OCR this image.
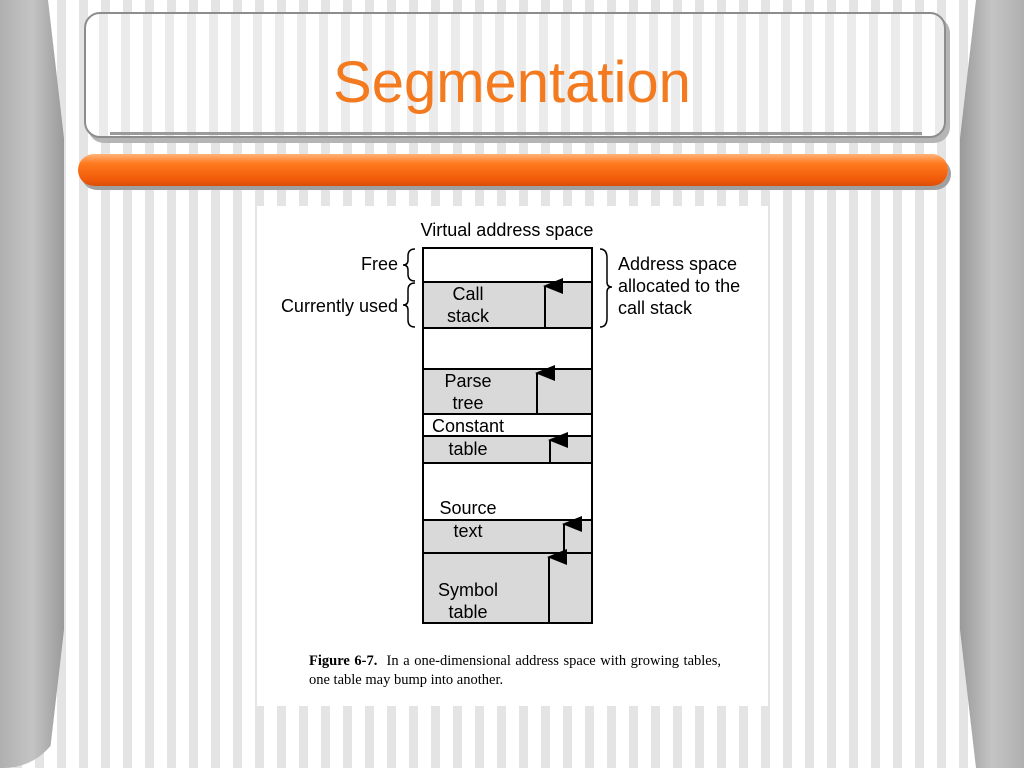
Segmentation
Virtual address space
Call
stack
Parse
tree
Constant
table
Source
text
Symbol
table
Free
Currently used
Address space
allocated to the
call stack
Figure 6-7. In a one-dimensional address space with growing tables, one table may bump into another.
